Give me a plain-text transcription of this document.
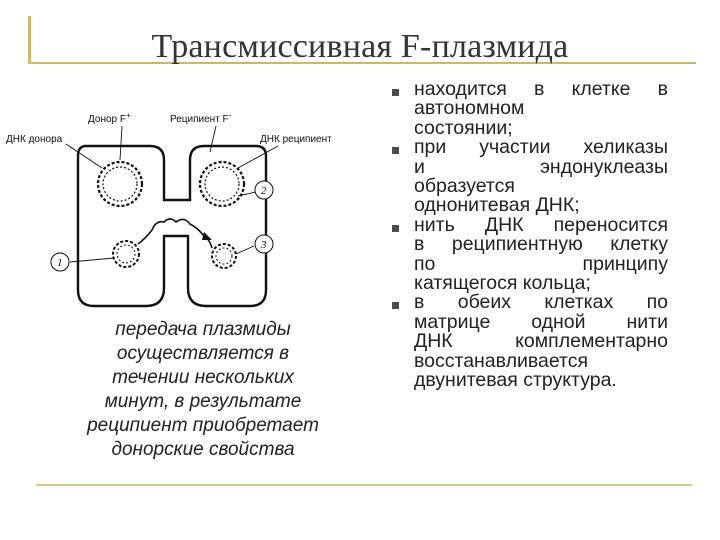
Трансмиссивная F-плазмида
Донор F+	Реципиент F-
ДНК донора	ДНК реципиент
1
2
3
передача плазмиды
осуществляется в
течении нескольких
минут, в результате
реципиент приобретает
донорские свойства
находится в клетке в
автономном
состоянии;
при участии хеликазы
и эндонуклеазы
образуется
однонитевая ДНК;
нить ДНК переносится
в реципиентную клетку
по принципу
катящегося кольца;
в обеих клетках по
матрице одной нити
ДНК комплементарно
восстанавливается
двунитевая структура.
